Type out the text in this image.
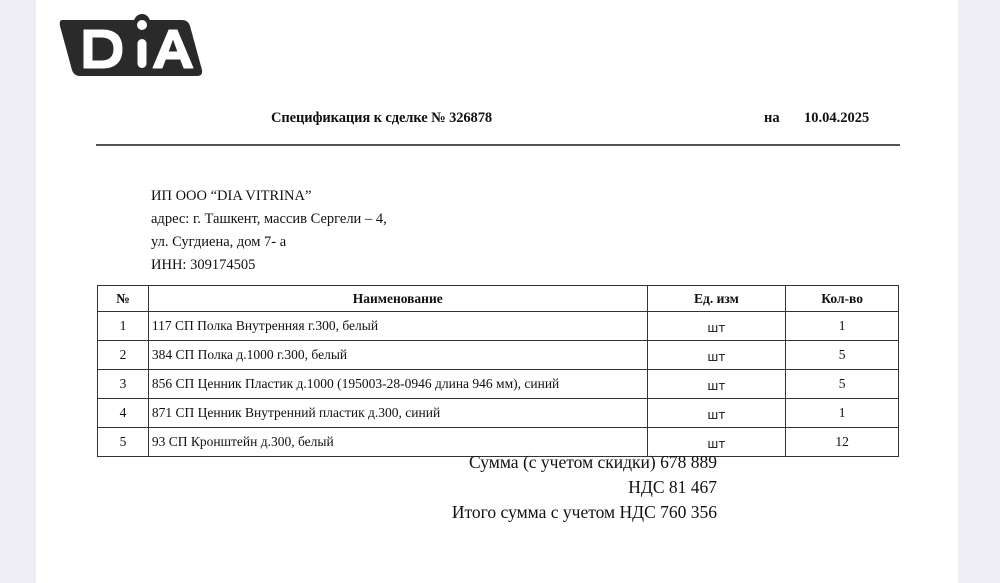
Спецификация к сделке № 326878	на 10.04.2025
ИП ООО “DIA VITRINA”
адрес: г. Ташкент, массив Сергели – 4,
ул. Сугдиена, дом 7- а
ИНН: 309174505
№	Наименование	Ед. изм	Кол-во
1	117 СП Полка Внутренняя г.300, белый	шт	1
2	384 СП Полка д.1000 г.300, белый	шт	5
3	856 СП Ценник Пластик д.1000 (195003-28-0946 длина 946 мм), синий	шт	5
4	871 СП Ценник Внутренний пластик д.300, синий	шт	1
5	93 СП Кронштейн д.300, белый	шт	12
Сумма (с учетом скидки) 678 889
НДС 81 467
Итого сумма с учетом НДС 760 356
